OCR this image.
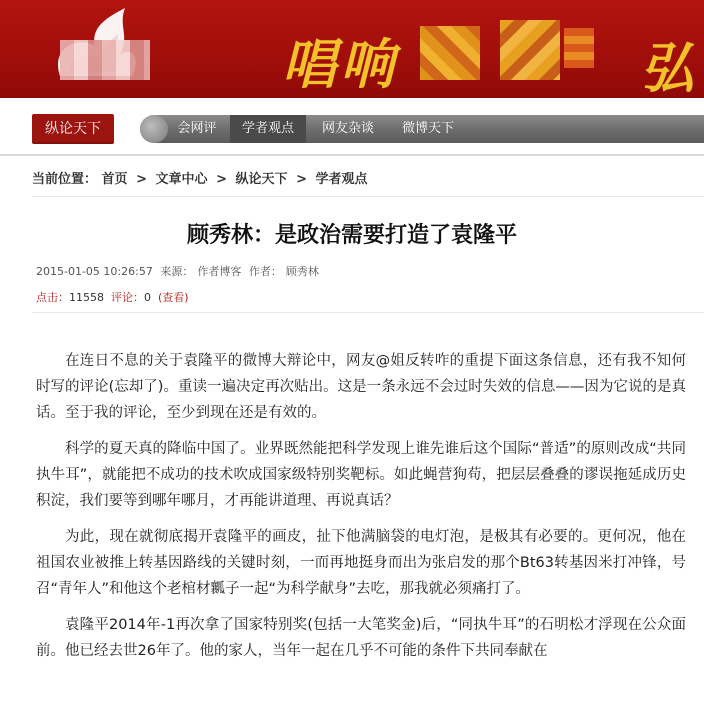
唱响	弘
纵论天下	会网评	学者观点	网友杂谈	微博天下
当前位置： 首页 > 文章中心 > 纵论天下 > 学者观点
顾秀林：是政治需要打造了袁隆平
2015-01-05 10:26:57 来源： 作者博客 作者： 顾秀林
点击：11558 评论：0 (查看)

在连日不息的关于袁隆平的微博大辩论中，网友@姐反转咋的重提下面这条信息，还有我不知何时写的评论(忘却了)。重读一遍决定再次贴出。这是一条永远不会过时失效的信息——因为它说的是真话。至于我的评论，至少到现在还是有效的。

科学的夏天真的降临中国了。业界既然能把科学发现上谁先谁后这个国际“普适”的原则改成“共同执牛耳”，就能把不成功的技术吹成国家级特别奖靶标。如此蝇营狗苟，把层层叠叠的谬误拖延成历史积淀，我们要等到哪年哪月，才再能讲道理、再说真话？

为此，现在就彻底揭开袁隆平的画皮，扯下他满脑袋的电灯泡，是极其有必要的。更何况，他在祖国农业被推上转基因路线的关键时刻，一而再地挺身而出为张启发的那个Bt63转基因米打冲锋，号召“青年人”和他这个老棺材瓤子一起“为科学献身”去吃，那我就必须痛打了。

袁隆平2014年-1再次拿了国家特别奖(包括一大笔奖金)后，“同执牛耳”的石明松才浮现在公众面前。他已经去世26年了。他的家人，当年一起在几乎不可能的条件下共同奉献在
